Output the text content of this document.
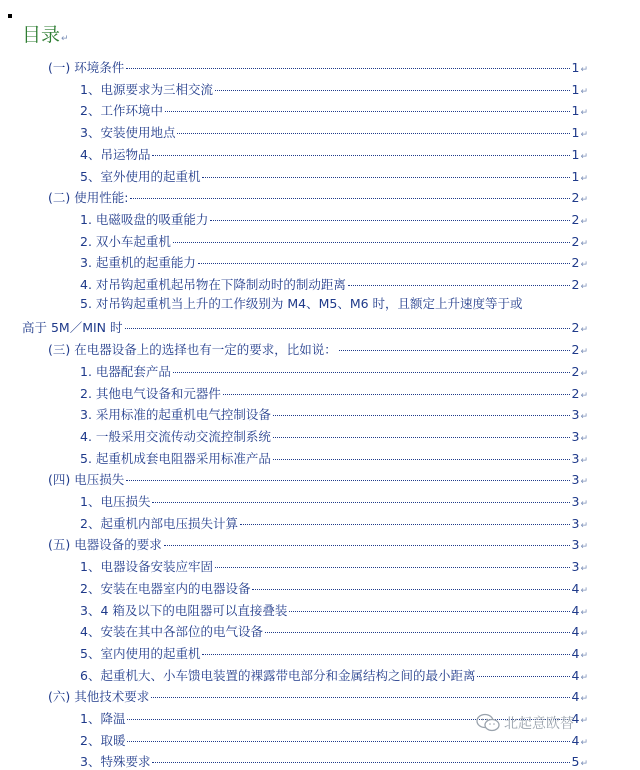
目录↵
(一) 环境条件	1 ↵
1、电源要求为三相交流	1 ↵
2、工作环境中	1 ↵
3、安装使用地点	1 ↵
4、吊运物品	1 ↵
5、室外使用的起重机	1 ↵
(二) 使用性能:	2 ↵
1. 电磁吸盘的吸重能力	2 ↵
2. 双小车起重机	2 ↵
3. 起重机的起重能力	2 ↵
4. 对吊钩起重机起吊物在下降制动时的制动距离	2 ↵
5. 对吊钩起重机当上升的工作级别为 M4、M5、M6 时，且额定上升速度等于或
高于 5M／MIN 时	2 ↵
(三) 在电器设备上的选择也有一定的要求，比如说：	2 ↵
1. 电器配套产品	2 ↵
2. 其他电气设备和元器件	2 ↵
3. 采用标准的起重机电气控制设备	3 ↵
4. 一般采用交流传动交流控制系统	3 ↵
5. 起重机成套电阻器采用标准产品	3 ↵
(四) 电压损失	3 ↵
1、电压损失	3 ↵
2、起重机内部电压损失计算	3 ↵
(五) 电器设备的要求	3 ↵
1、电器设备安装应牢固	3 ↵
2、安装在电器室内的电器设备	4 ↵
3、4 箱及以下的电阻器可以直接叠装	4 ↵
4、安装在其中各部位的电气设备	4 ↵
5、室内使用的起重机	4 ↵
6、起重机大、小车馈电装置的裸露带电部分和金属结构之间的最小距离	4 ↵
(六) 其他技术要求	4 ↵
1、降温	4 ↵
2、取暖	4 ↵
3、特殊要求	5 ↵
北起意欧替
